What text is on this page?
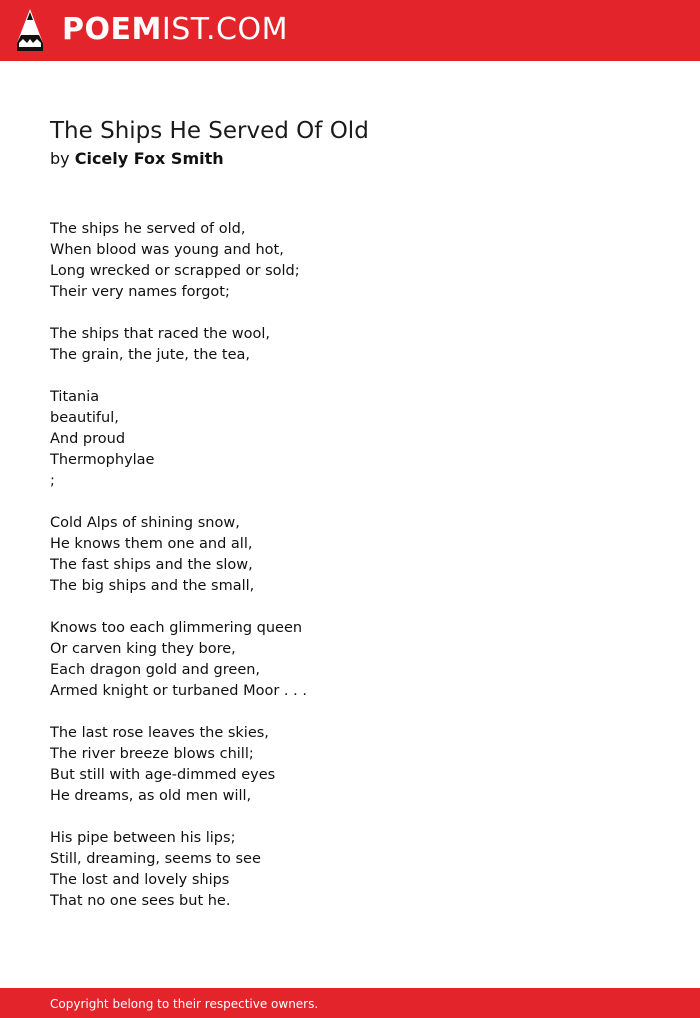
POEMIST.COM
The Ships He Served Of Old
by Cicely Fox Smith
The ships he served of old,
When blood was young and hot,
Long wrecked or scrapped or sold;
Their very names forgot;
The ships that raced the wool,
The grain, the jute, the tea,
Titania
beautiful,
And proud
Thermophylae
;
Cold Alps of shining snow,
He knows them one and all,
The fast ships and the slow,
The big ships and the small,
Knows too each glimmering queen
Or carven king they bore,
Each dragon gold and green,
Armed knight or turbaned Moor . . .
The last rose leaves the skies,
The river breeze blows chill;
But still with age-dimmed eyes
He dreams, as old men will,
His pipe between his lips;
Still, dreaming, seems to see
The lost and lovely ships
That no one sees but he.
Copyright belong to their respective owners.
